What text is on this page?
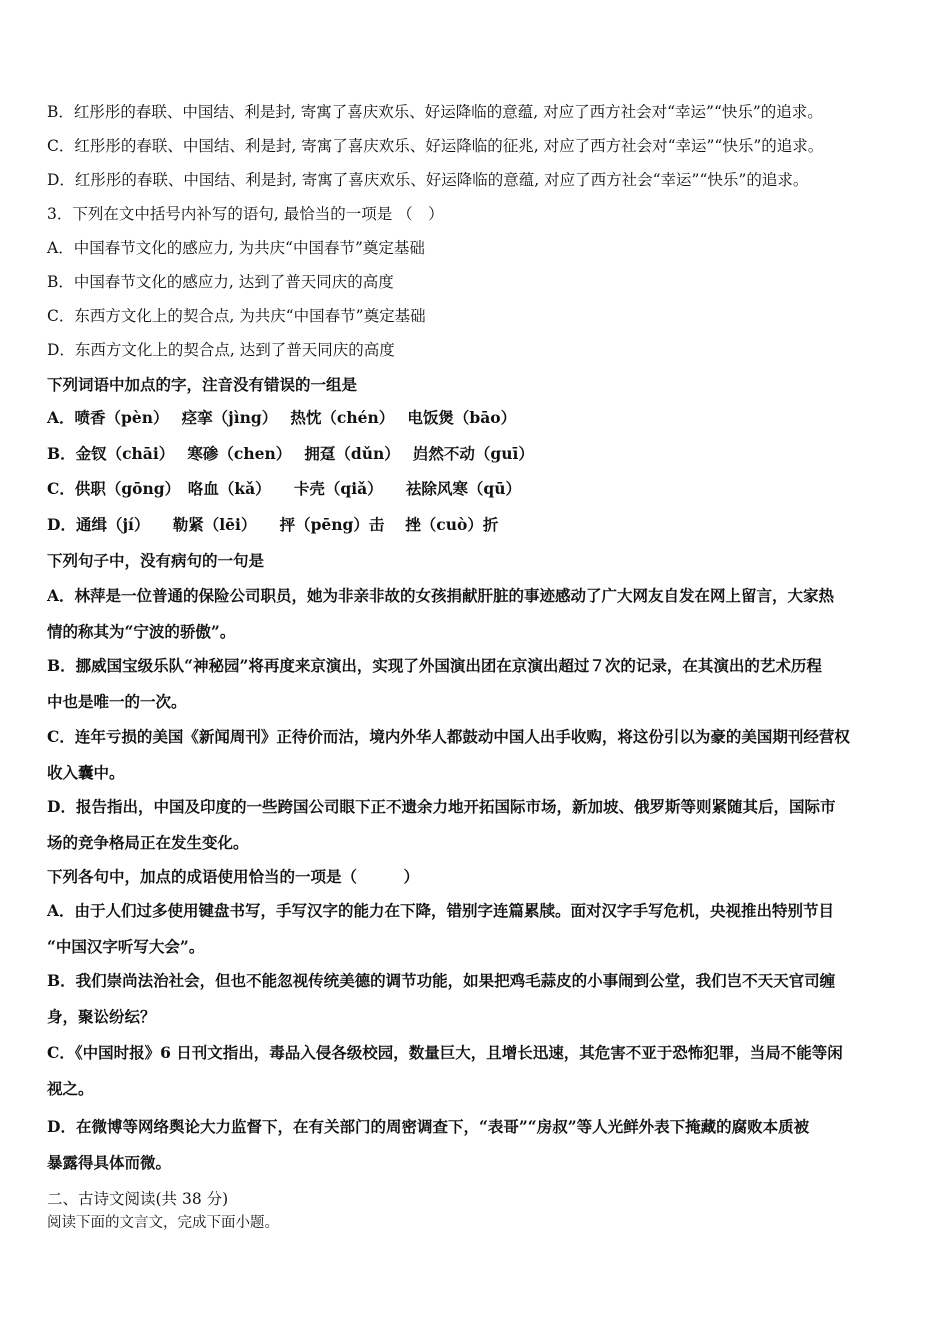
B．红彤彤的春联、中国结、利是封, 寄寓了喜庆欢乐、好运降临的意蕴, 对应了西方社会对“幸运”“快乐”的追求。
C．红彤彤的春联、中国结、利是封, 寄寓了喜庆欢乐、好运降临的征兆, 对应了西方社会对“幸运”“快乐”的追求。
D．红彤彤的春联、中国结、利是封, 寄寓了喜庆欢乐、好运降临的意蕴, 对应了西方社会“幸运”“快乐”的追求。
3．下列在文中括号内补写的语句, 最恰当的一项是 （　）
A．中国春节文化的感应力, 为共庆“中国春节”奠定基础
B．中国春节文化的感应力, 达到了普天同庆的高度
C．东西方文化上的契合点, 为共庆“中国春节”奠定基础
D．东西方文化上的契合点, 达到了普天同庆的高度
下列词语中加点的字，注音没有错误的一组是
A．喷香（pèn）　 痉挛（jìng）　 热忱（chén）　 电饭煲（bāo）
B．金钗（chāi）　 寒碜（chen）　 拥趸（dǔn）　 岿然不动（guī）
C．供职（gōng）　咯血（kǎ）　　卡壳（qiǎ）　　祛除风寒（qū）
D．通缉（jí）　　勒紧（lēi）　　抨（pēng）击　 挫（cuò）折
下列句子中，没有病句的一句是
A．林萍是一位普通的保险公司职员，她为非亲非故的女孩捐献肝脏的事迹感动了广大网友自发在网上留言，大家热
情的称其为“宁波的骄傲”。
B．挪威国宝级乐队“神秘园”将再度来京演出，实现了外国演出团在京演出超过７次的记录，在其演出的艺术历程
中也是唯一的一次。
C．连年亏损的美国《新闻周刊》正待价而沽，境内外华人都鼓动中国人出手收购，将这份引以为豪的美国期刊经营权
收入囊中。
D．报告指出，中国及印度的一些跨国公司眼下正不遗余力地开拓国际市场，新加坡、俄罗斯等则紧随其后，国际市
场的竞争格局正在发生变化。
下列各句中，加点的成语使用恰当的一项是（　　　）
A．由于人们过多使用键盘书写，手写汉字的能力在下降，错别字连篇累牍。面对汉字手写危机，央视推出特别节目
“中国汉字听写大会”。
B．我们崇尚法治社会，但也不能忽视传统美德的调节功能，如果把鸡毛蒜皮的小事闹到公堂，我们岂不天天官司缠
身，聚讼纷纭？
C．《中国时报》6 日刊文指出，毒品入侵各级校园，数量巨大，且增长迅速，其危害不亚于恐怖犯罪，当局不能等闲
视之。
D．在微博等网络舆论大力监督下，在有关部门的周密调查下，“表哥”“房叔”等人光鲜外表下掩藏的腐败本质被
暴露得具体而微。
二、古诗文阅读(共 38 分)
阅读下面的文言文，完成下面小题。
